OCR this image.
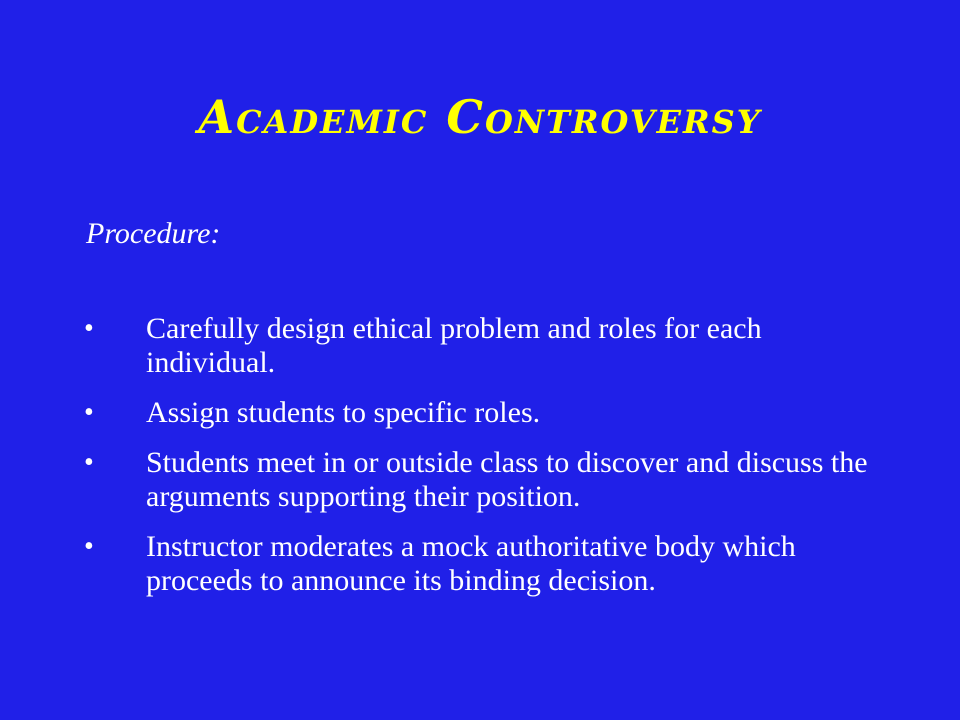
Academic Controversy
Procedure:
• Carefully design ethical problem and roles for each individual.
• Assign students to specific roles.
• Students meet in or outside class to discover and discuss the arguments supporting their position.
• Instructor moderates a mock authoritative body which proceeds to announce its binding decision.
